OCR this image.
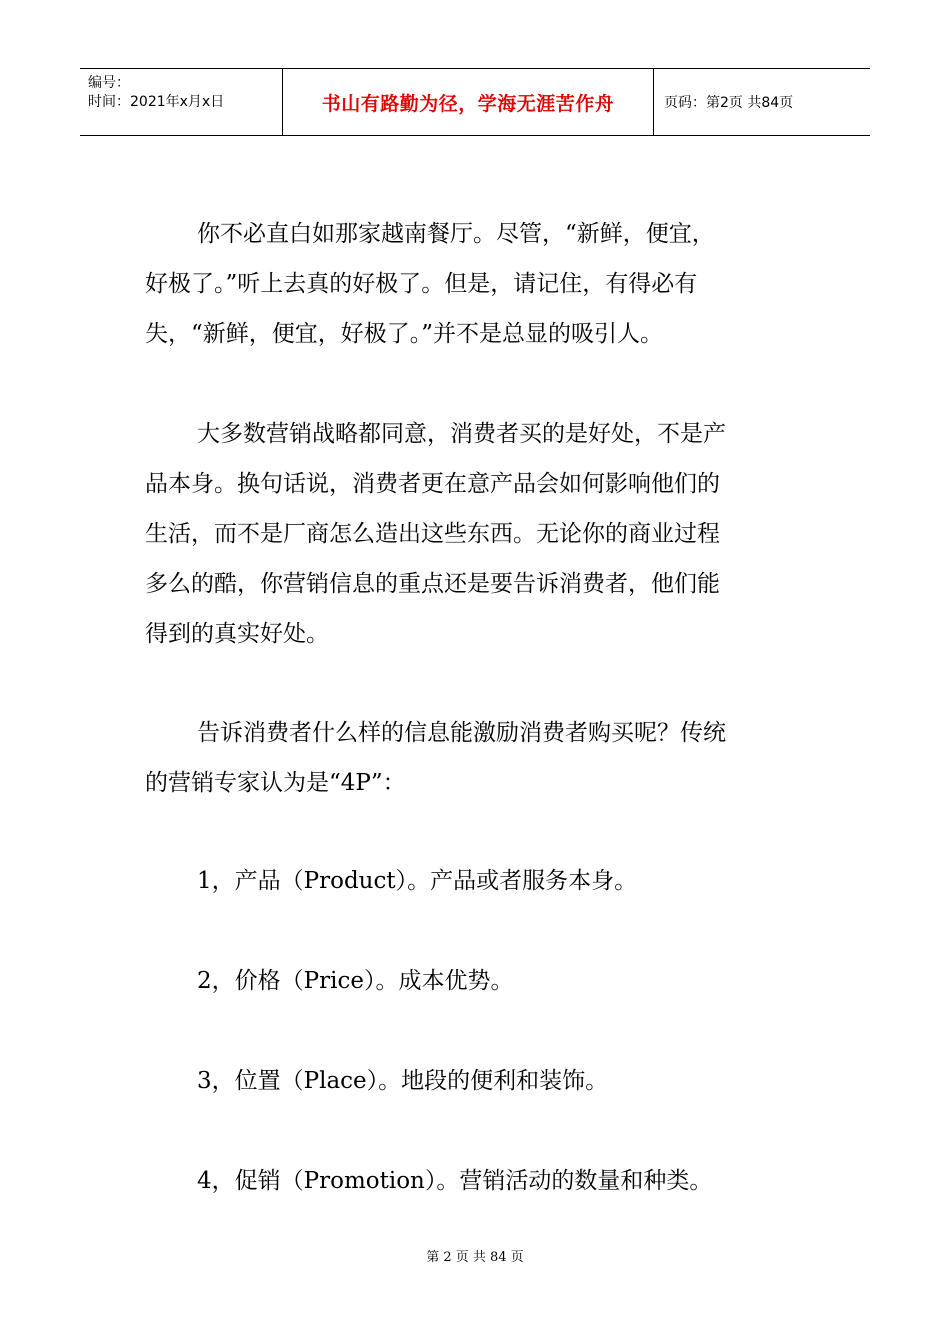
编号：
时间：2021年x月x日	书山有路勤为径，学海无涯苦作舟	页码：第2页 共84页
你不必直白如那家越南餐厅。尽管，“新鲜，便宜，
好极了。”听上去真的好极了。但是，请记住，有得必有
失，“新鲜，便宜，好极了。”并不是总显的吸引人。
大多数营销战略都同意，消费者买的是好处，不是产
品本身。换句话说，消费者更在意产品会如何影响他们的
生活，而不是厂商怎么造出这些东西。无论你的商业过程
多么的酷，你营销信息的重点还是要告诉消费者，他们能
得到的真实好处。
告诉消费者什么样的信息能激励消费者购买呢？传统
的营销专家认为是“4P”：

1，产品（Product）。产品或者服务本身。

2，价格（Price）。成本优势。

3，位置（Place）。地段的便利和装饰。

4，促销（Promotion）。营销活动的数量和种类。

第 2 页 共 84 页
